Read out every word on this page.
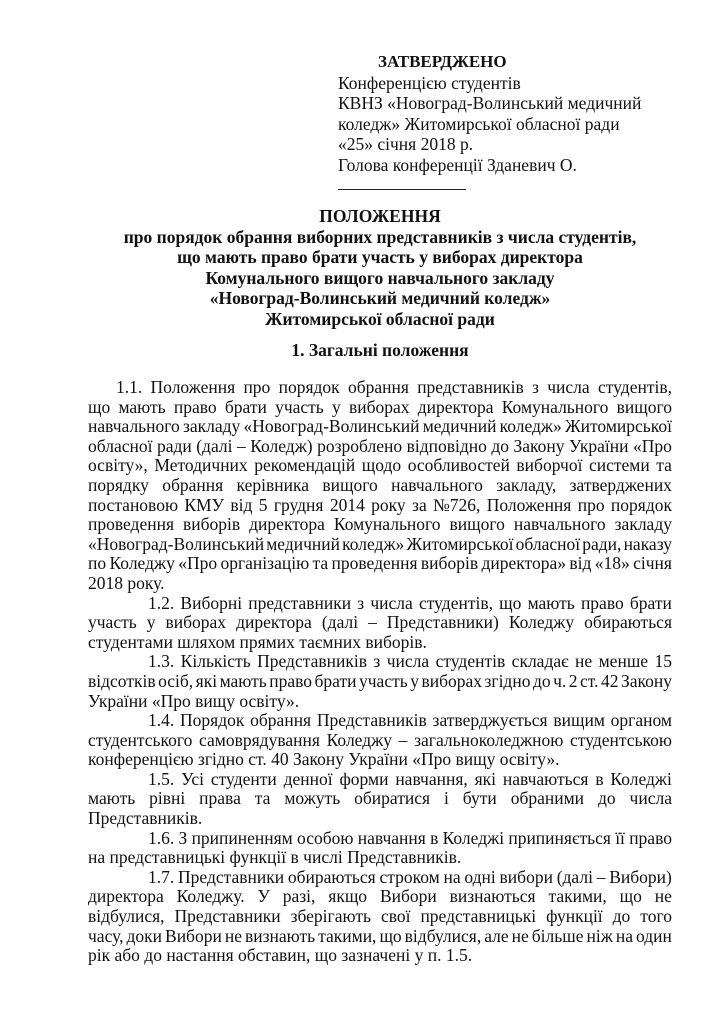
ЗАТВЕРДЖЕНО
Конференцією студентів
КВНЗ «Новоград-Волинський медичний
коледж» Житомирської обласної ради
«25» січня 2018 р.
Голова конференції Зданевич О.
ПОЛОЖЕННЯ
про порядок обрання виборних представників з числа студентів,
що мають право брати участь у виборах директора
Комунального вищого навчального закладу
«Новоград-Волинський медичний коледж»
Житомирської обласної ради
1. Загальні положення
1.1. Положення про порядок обрання представників з числа студентів,
що мають право брати участь у виборах директора Комунального вищого
навчального закладу «Новоград-Волинський медичний коледж» Житомирської
обласної ради (далі – Коледж) розроблено відповідно до Закону України «Про
освіту», Методичних рекомендацій щодо особливостей виборчої системи та
порядку обрання керівника вищого навчального закладу, затверджених
постановою КМУ від 5 грудня 2014 року за №726, Положення про порядок
проведення виборів директора Комунального вищого навчального закладу
«Новоград-Волинський медичний коледж» Житомирської обласної ради, наказу
по Коледжу «Про організацію та проведення виборів директора» від «18» січня
2018 року.
1.2. Виборні представники з числа студентів, що мають право брати
участь у виборах директора (далі – Представники) Коледжу обираються
студентами шляхом прямих таємних виборів.
1.3. Кількість Представників з числа студентів складає не менше 15
відсотків осіб, які мають право брати участь у виборах згідно до ч. 2 ст. 42 Закону
України «Про вищу освіту».
1.4. Порядок обрання Представників затверджується вищим органом
студентського самоврядування Коледжу – загальноколеджною студентською
конференцією згідно ст. 40 Закону України «Про вищу освіту».
1.5. Усі студенти денної форми навчання, які навчаються в Коледжі
мають рівні права та можуть обиратися і бути обраними до числа
Представників.
1.6. З припиненням особою навчання в Коледжі припиняється її право
на представницькі функції в числі Представників.
1.7. Представники обираються строком на одні вибори (далі – Вибори)
директора Коледжу. У разі, якщо Вибори визнаються такими, що не
відбулися, Представники зберігають свої представницькі функції до того
часу, доки Вибори не визнають такими, що відбулися, але не більше ніж на один
рік або до настання обставин, що зазначені у п. 1.5.
